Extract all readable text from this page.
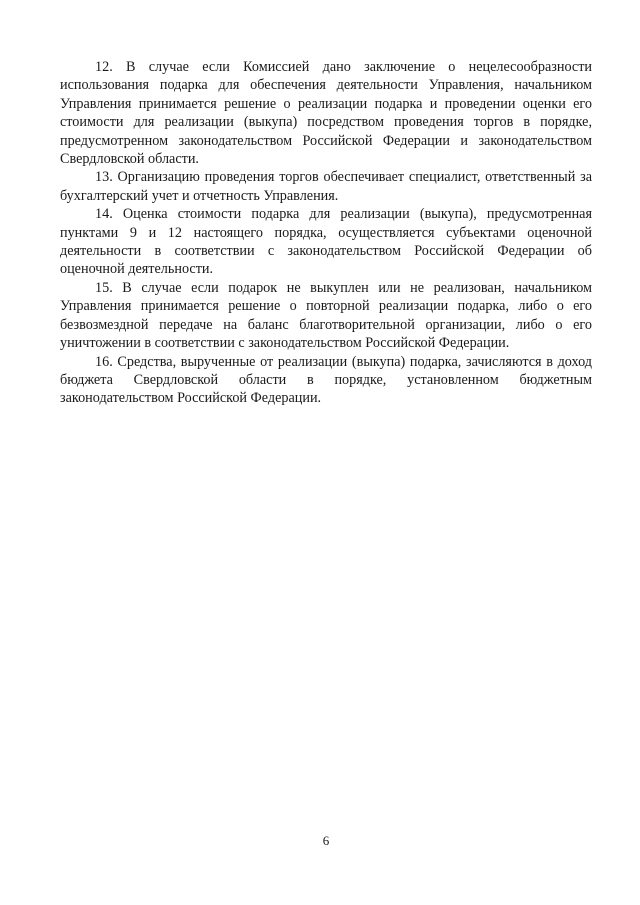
12. В случае если Комиссией дано заключение о нецелесообразности использования подарка для обеспечения деятельности Управления, начальником Управления принимается решение о реализации подарка и проведении оценки его стоимости для реализации (выкупа) посредством проведения торгов в порядке, предусмотренном законодательством Российской Федерации и законодательством Свердловской области.

13. Организацию проведения торгов обеспечивает специалист, ответственный за бухгалтерский учет и отчетность Управления.

14. Оценка стоимости подарка для реализации (выкупа), предусмотренная пунктами 9 и 12 настоящего порядка, осуществляется субъектами оценочной деятельности в соответствии с законодательством Российской Федерации об оценочной деятельности.

15. В случае если подарок не выкуплен или не реализован, начальником Управления принимается решение о повторной реализации подарка, либо о его безвозмездной передаче на баланс благотворительной организации, либо о его уничтожении в соответствии с законодательством Российской Федерации.

16. Средства, вырученные от реализации (выкупа) подарка, зачисляются в доход бюджета Свердловской области в порядке, установленном бюджетным законодательством Российской Федерации.

6
